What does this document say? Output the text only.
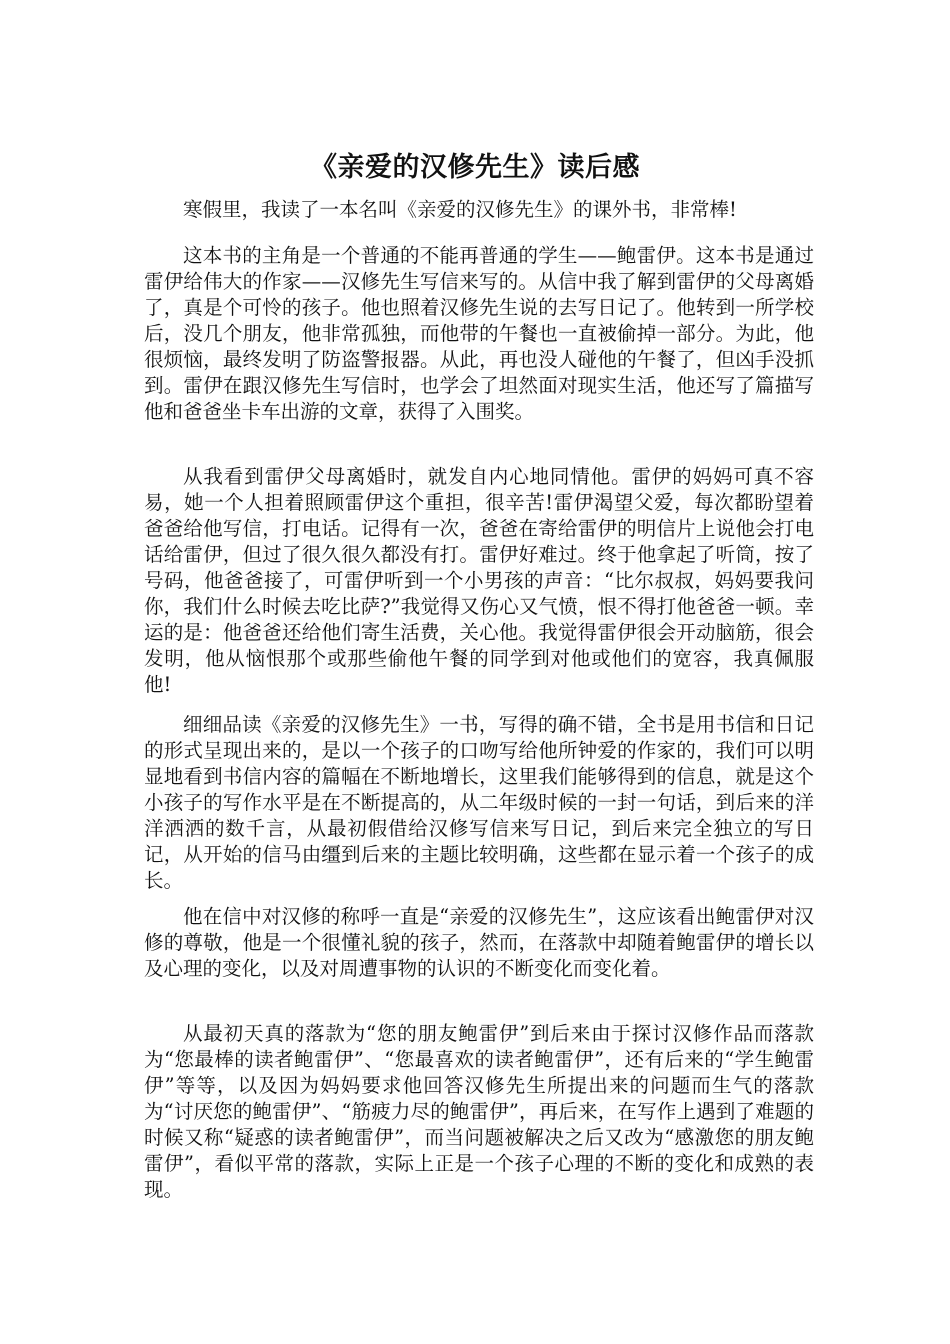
《亲爱的汉修先生》读后感

寒假里，我读了一本名叫《亲爱的汉修先生》的课外书，非常棒!

这本书的主角是一个普通的不能再普通的学生——鲍雷伊。这本书是通过雷伊给伟大的作家——汉修先生写信来写的。从信中我了解到雷伊的父母离婚了，真是个可怜的孩子。他也照着汉修先生说的去写日记了。他转到一所学校后，没几个朋友，他非常孤独，而他带的午餐也一直被偷掉一部分。为此，他很烦恼，最终发明了防盗警报器。从此，再也没人碰他的午餐了，但凶手没抓到。雷伊在跟汉修先生写信时，也学会了坦然面对现实生活，他还写了篇描写他和爸爸坐卡车出游的文章，获得了入围奖。

从我看到雷伊父母离婚时，就发自内心地同情他。雷伊的妈妈可真不容易，她一个人担着照顾雷伊这个重担，很辛苦!雷伊渴望父爱，每次都盼望着爸爸给他写信，打电话。记得有一次，爸爸在寄给雷伊的明信片上说他会打电话给雷伊，但过了很久很久都没有打。雷伊好难过。终于他拿起了听筒，按了号码，他爸爸接了，可雷伊听到一个小男孩的声音：“比尔叔叔，妈妈要我问你，我们什么时候去吃比萨?”我觉得又伤心又气愤，恨不得打他爸爸一顿。幸运的是：他爸爸还给他们寄生活费，关心他。我觉得雷伊很会开动脑筋，很会发明，他从恼恨那个或那些偷他午餐的同学到对他或他们的宽容，我真佩服他!

细细品读《亲爱的汉修先生》一书，写得的确不错，全书是用书信和日记的形式呈现出来的，是以一个孩子的口吻写给他所钟爱的作家的，我们可以明显地看到书信内容的篇幅在不断地增长，这里我们能够得到的信息，就是这个小孩子的写作水平是在不断提高的，从二年级时候的一封一句话，到后来的洋洋洒洒的数千言，从最初假借给汉修写信来写日记，到后来完全独立的写日记，从开始的信马由缰到后来的主题比较明确，这些都在显示着一个孩子的成长。

他在信中对汉修的称呼一直是“亲爱的汉修先生”，这应该看出鲍雷伊对汉修的尊敬，他是一个很懂礼貌的孩子，然而，在落款中却随着鲍雷伊的增长以及心理的变化，以及对周遭事物的认识的不断变化而变化着。

从最初天真的落款为“您的朋友鲍雷伊”到后来由于探讨汉修作品而落款为“您最棒的读者鲍雷伊”、“您最喜欢的读者鲍雷伊”，还有后来的“学生鲍雷伊”等等，以及因为妈妈要求他回答汉修先生所提出来的问题而生气的落款为“讨厌您的鲍雷伊”、“筋疲力尽的鲍雷伊”，再后来，在写作上遇到了难题的时候又称“疑惑的读者鲍雷伊”，而当问题被解决之后又改为“感激您的朋友鲍雷伊”，看似平常的落款，实际上正是一个孩子心理的不断的变化和成熟的表现。
